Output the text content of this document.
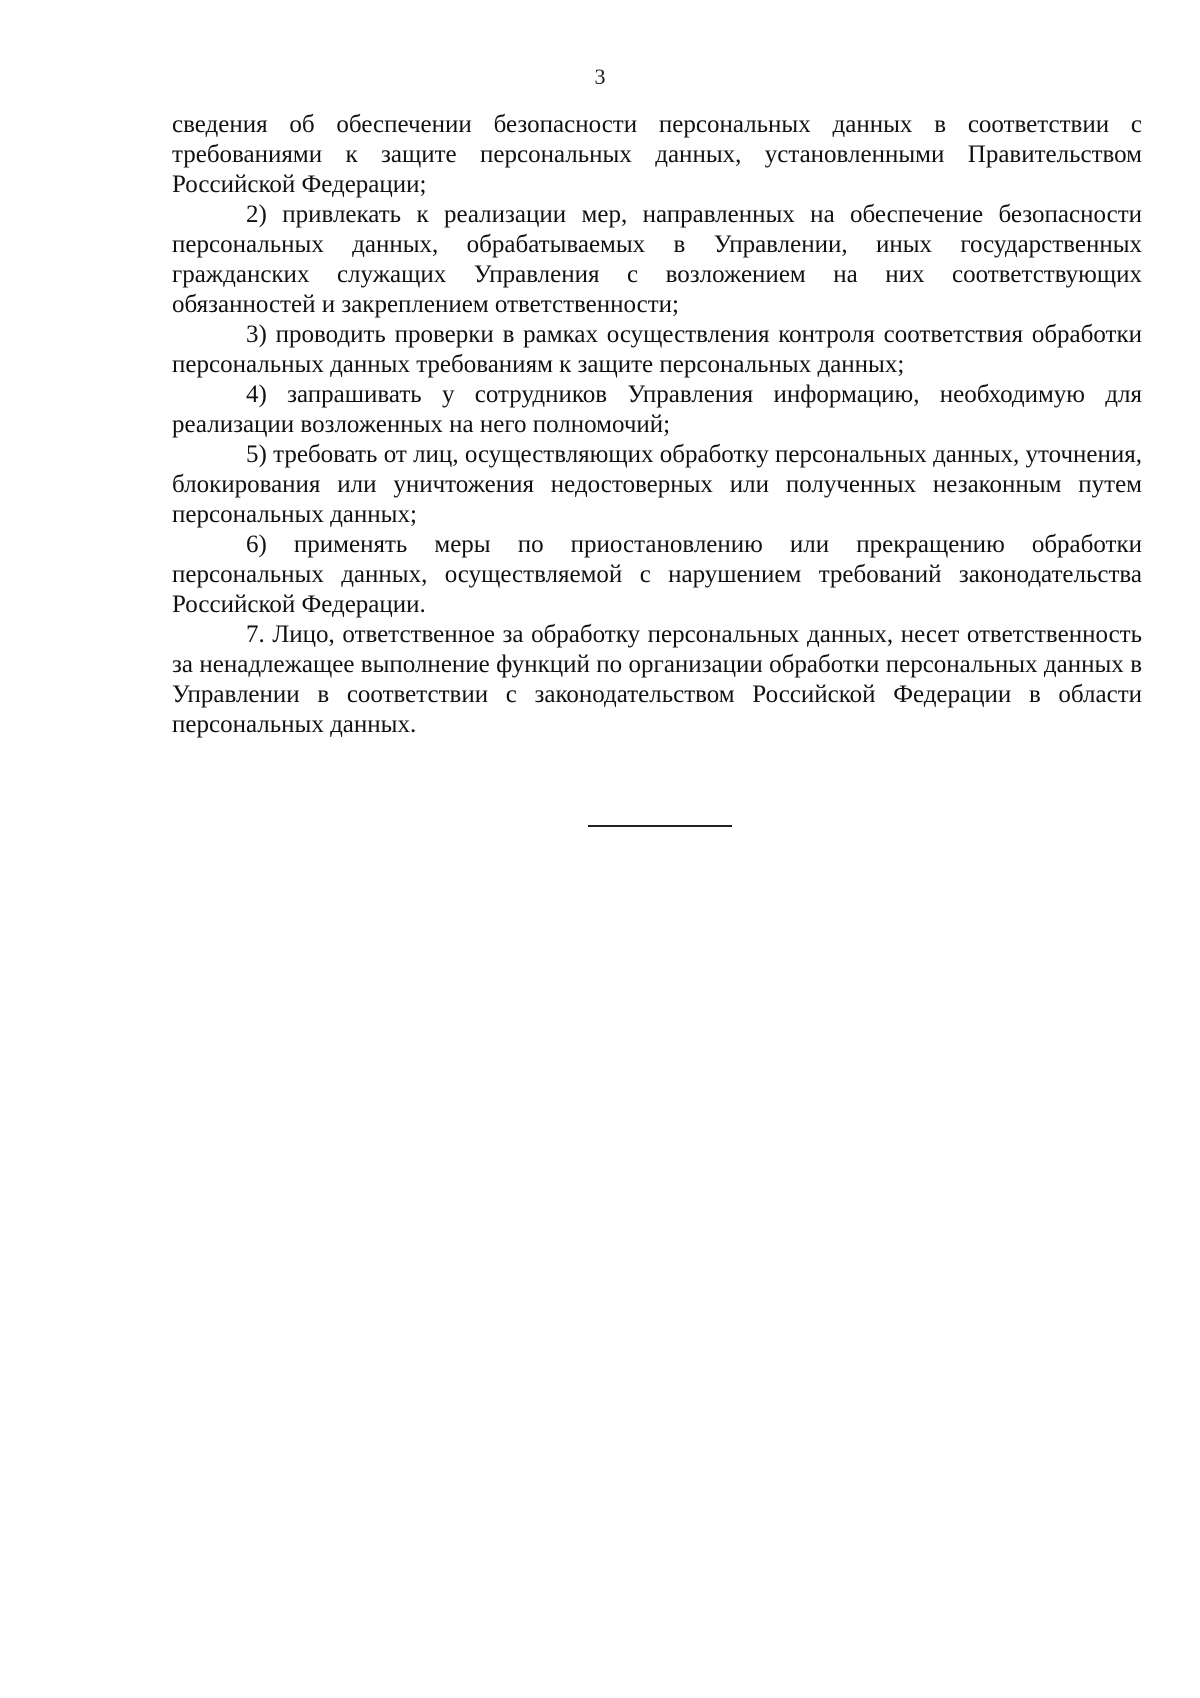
3

сведения об обеспечении безопасности персональных данных в соответствии с требованиями к защите персональных данных, установленными Правительством Российской Федерации;

2) привлекать к реализации мер, направленных на обеспечение безопасности персональных данных, обрабатываемых в Управлении, иных государственных гражданских служащих Управления с возложением на них соответствующих обязанностей и закреплением ответственности;

3) проводить проверки в рамках осуществления контроля соответствия обработки персональных данных требованиям к защите персональных данных;

4) запрашивать у сотрудников Управления информацию, необходимую для реализации возложенных на него полномочий;

5) требовать от лиц, осуществляющих обработку персональных данных, уточнения, блокирования или уничтожения недостоверных или полученных незаконным путем персональных данных;

6) применять меры по приостановлению или прекращению обработки персональных данных, осуществляемой с нарушением требований законодательства Российской Федерации.

7. Лицо, ответственное за обработку персональных данных, несет ответственность за ненадлежащее выполнение функций по организации обработки персональных данных в Управлении в соответствии с законодательством Российской Федерации в области персональных данных.
